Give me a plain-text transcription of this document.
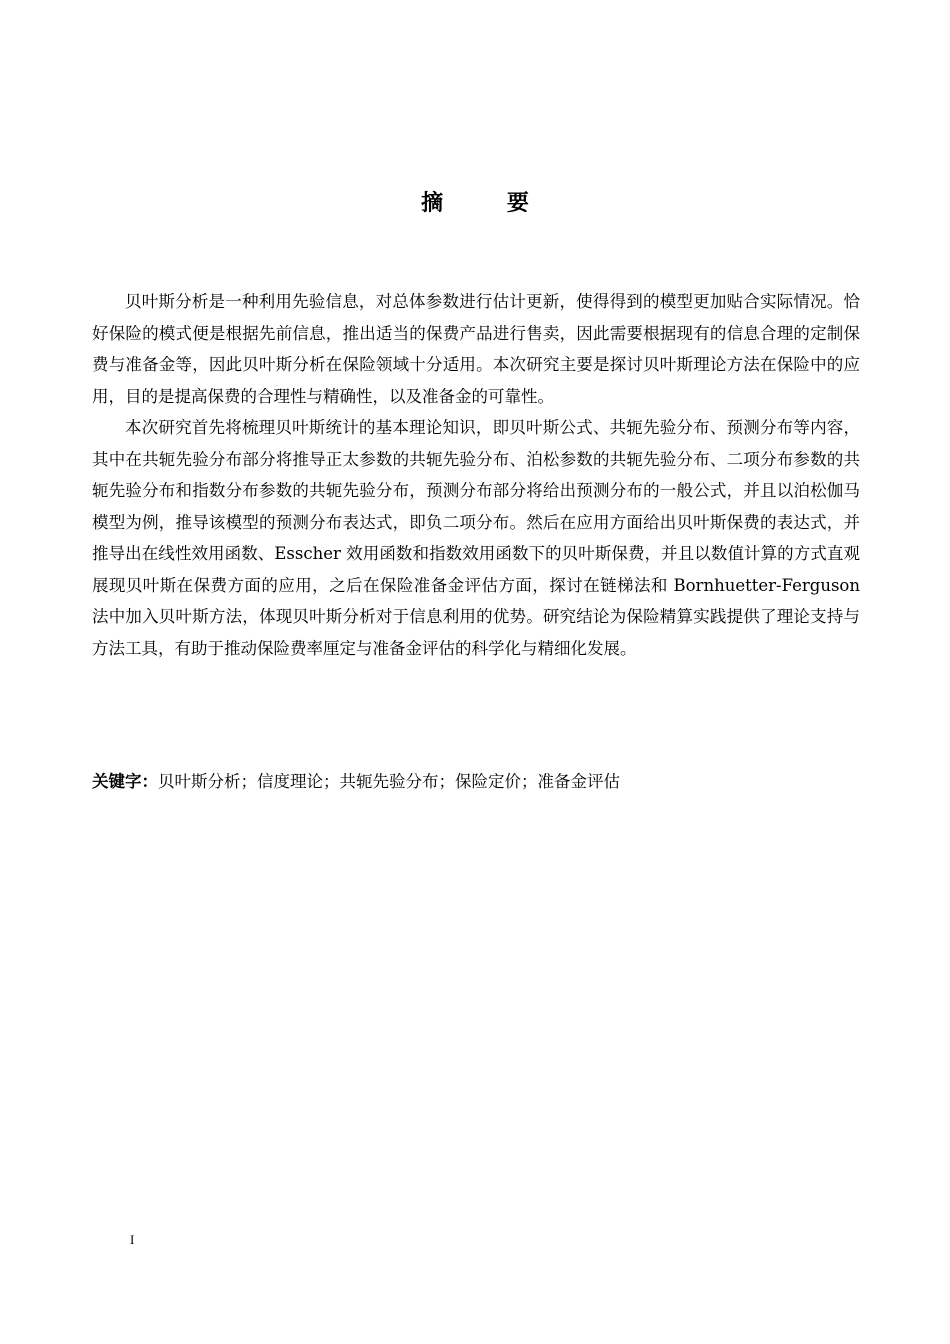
摘 要

贝叶斯分析是一种利用先验信息，对总体参数进行估计更新，使得得到的模型更加贴合实际情况。恰好保险的模式便是根据先前信息，推出适当的保费产品进行售卖，因此需要根据现有的信息合理的定制保费与准备金等，因此贝叶斯分析在保险领域十分适用。本次研究主要是探讨贝叶斯理论方法在保险中的应用，目的是提高保费的合理性与精确性，以及准备金的可靠性。

本次研究首先将梳理贝叶斯统计的基本理论知识，即贝叶斯公式、共轭先验分布、预测分布等内容，其中在共轭先验分布部分将推导正太参数的共轭先验分布、泊松参数的共轭先验分布、二项分布参数的共轭先验分布和指数分布参数的共轭先验分布，预测分布部分将给出预测分布的一般公式，并且以泊松伽马模型为例，推导该模型的预测分布表达式，即负二项分布。然后在应用方面给出贝叶斯保费的表达式，并推导出在线性效用函数、Esscher 效用函数和指数效用函数下的贝叶斯保费，并且以数值计算的方式直观展现贝叶斯在保费方面的应用，之后在保险准备金评估方面，探讨在链梯法和 Bornhuetter-Ferguson 法中加入贝叶斯方法，体现贝叶斯分析对于信息利用的优势。研究结论为保险精算实践提供了理论支持与方法工具，有助于推动保险费率厘定与准备金评估的科学化与精细化发展。

关键字：贝叶斯分析；信度理论；共轭先验分布；保险定价；准备金评估
I
